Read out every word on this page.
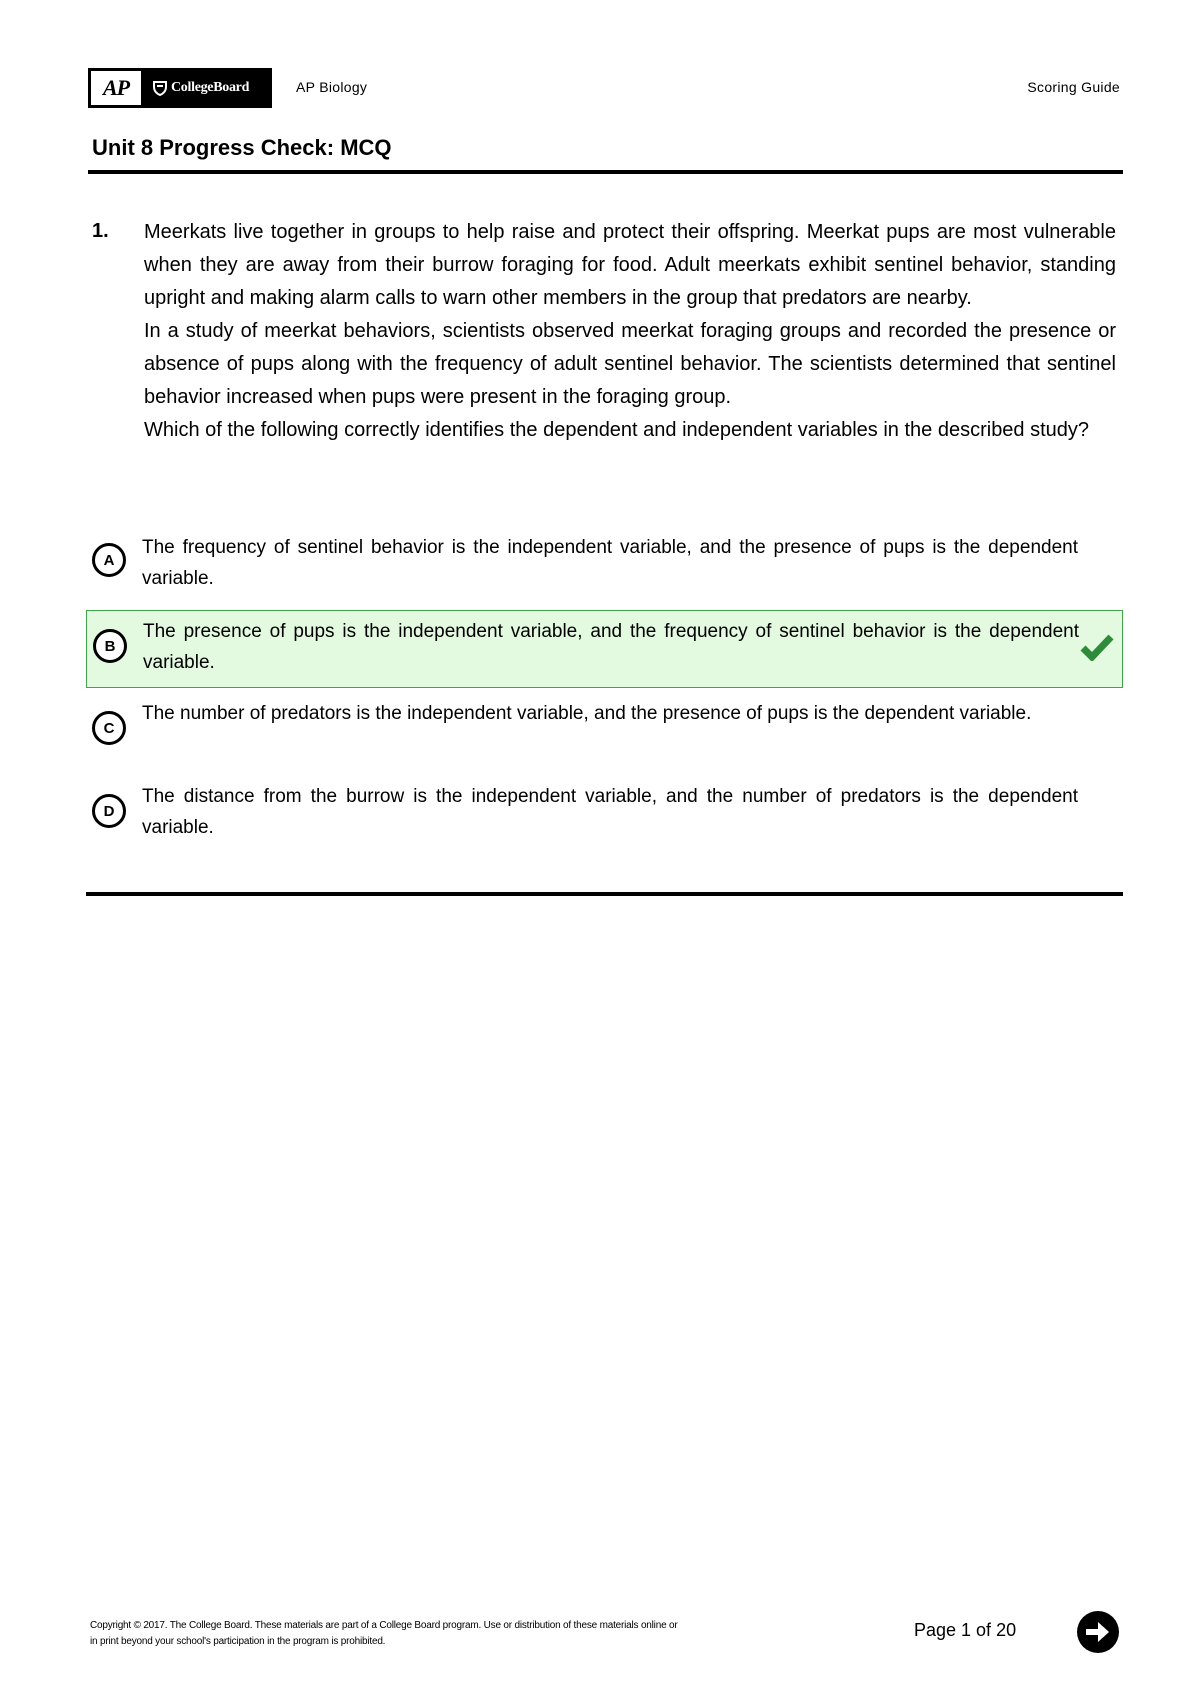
AP	CollegeBoard	AP Biology	Scoring Guide
Unit 8 Progress Check: MCQ
1. Meerkats live together in groups to help raise and protect their offspring. Meerkat pups are most vulnerable when they are away from their burrow foraging for food. Adult meerkats exhibit sentinel behavior, standing upright and making alarm calls to warn other members in the group that predators are nearby.

In a study of meerkat behaviors, scientists observed meerkat foraging groups and recorded the presence or absence of pups along with the frequency of adult sentinel behavior. The scientists determined that sentinel behavior increased when pups were present in the foraging group.

Which of the following correctly identifies the dependent and independent variables in the described study?

A
The frequency of sentinel behavior is the independent variable, and the presence of pups is the dependent variable.
B
The presence of pups is the independent variable, and the frequency of sentinel behavior is the dependent variable.
C
The number of predators is the independent variable, and the presence of pups is the dependent variable.
D
The distance from the burrow is the independent variable, and the number of predators is the dependent variable.
Copyright © 2017. The College Board. These materials are part of a College Board program. Use or distribution of these materials online or
in print beyond your school's participation in the program is prohibited.
Page 1 of 20
